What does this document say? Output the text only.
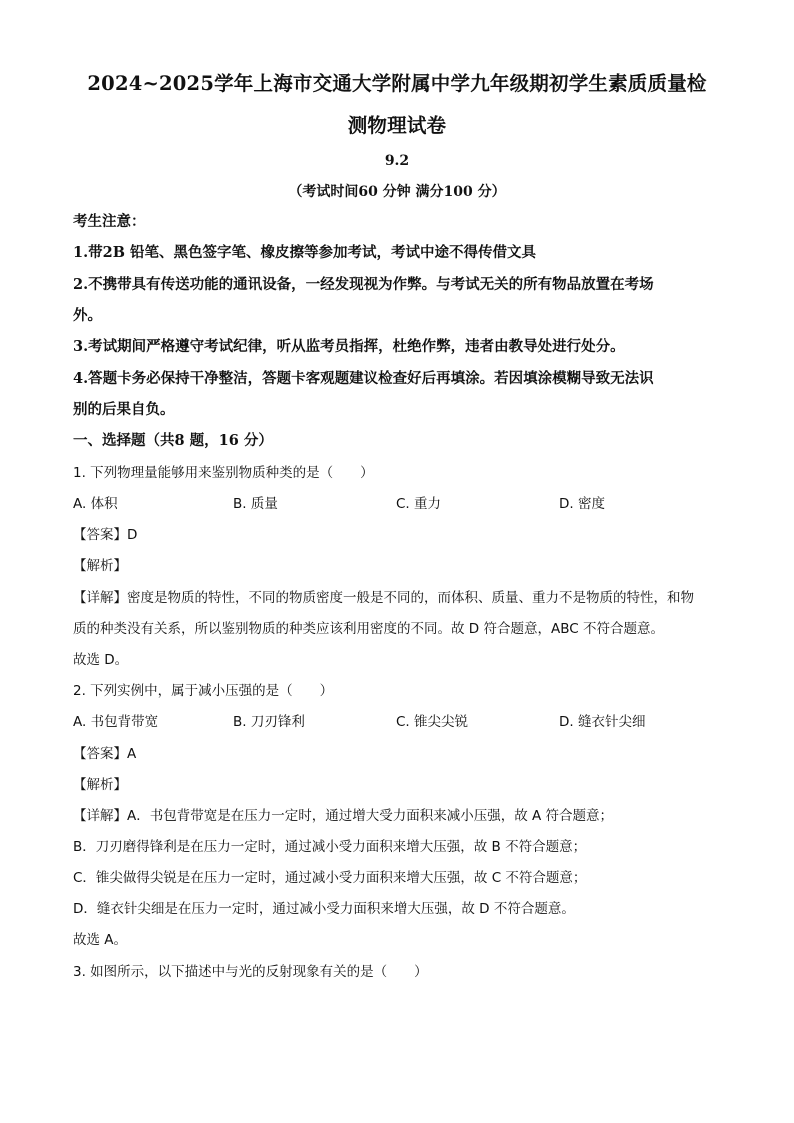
2024~2025学年上海市交通大学附属中学九年级期初学生素质质量检
测物理试卷
9.2
（考试时间60 分钟 满分100 分）
考生注意：
1.带2B 铅笔、黑色签字笔、橡皮擦等参加考试，考试中途不得传借文具
2.不携带具有传送功能的通讯设备，一经发现视为作弊。与考试无关的所有物品放置在考场
外。
3.考试期间严格遵守考试纪律，听从监考员指挥，杜绝作弊，违者由教导处进行处分。
4.答题卡务必保持干净整洁，答题卡客观题建议检查好后再填涂。若因填涂模糊导致无法识
别的后果自负。
一、选择题（共8 题，16 分）
1. 下列物理量能够用来鉴别物质种类的是（　　）
A. 体积	B. 质量	C. 重力	D. 密度
【答案】D
【解析】
【详解】密度是物质的特性，不同的物质密度一般是不同的，而体积、质量、重力不是物质的特性，和物
质的种类没有关系，所以鉴别物质的种类应该利用密度的不同。故 D 符合题意，ABC 不符合题意。
故选 D。
2. 下列实例中，属于减小压强的是（　　）
A. 书包背带宽	B. 刀刃锋利	C. 锥尖尖锐	D. 缝衣针尖细
【答案】A
【解析】
【详解】A．书包背带宽是在压力一定时，通过增大受力面积来减小压强，故 A 符合题意；
B．刀刃磨得锋利是在压力一定时，通过减小受力面积来增大压强，故 B 不符合题意；
C．锥尖做得尖锐是在压力一定时，通过减小受力面积来增大压强，故 C 不符合题意；
D．缝衣针尖细是在压力一定时，通过减小受力面积来增大压强，故 D 不符合题意。
故选 A。
3. 如图所示，以下描述中与光的反射现象有关的是（　　）
